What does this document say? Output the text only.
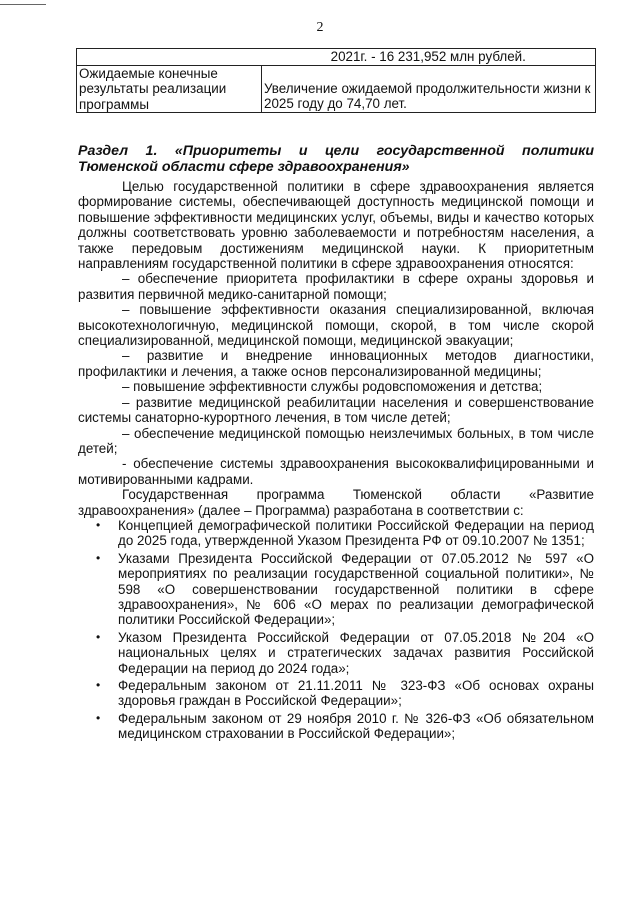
2
	2021г. - 16 231,952 млн рублей.
Ожидаемые конечные результаты реализации программы	Увеличение ожидаемой продолжительности жизни к 2025 году до 74,70 лет.
Раздел 1. «Приоритеты и цели государственной политики Тюменской области сфере здравоохранения»

Целью государственной политики в сфере здравоохранения является формирование системы, обеспечивающей доступность медицинской помощи и повышение эффективности медицинских услуг, объемы, виды и качество которых должны соответствовать уровню заболеваемости и потребностям населения, а также передовым достижениям медицинской науки. К приоритетным направлениям государственной политики в сфере здравоохранения относятся:

– обеспечение приоритета профилактики в сфере охраны здоровья и развития первичной медико-санитарной помощи;

– повышение эффективности оказания специализированной, включая высокотехнологичную, медицинской помощи, скорой, в том числе скорой специализированной, медицинской помощи, медицинской эвакуации;

– развитие и внедрение инновационных методов диагностики, профилактики и лечения, а также основ персонализированной медицины;

– повышение эффективности службы родовспоможения и детства;

– развитие медицинской реабилитации населения и совершенствование системы санаторно-курортного лечения, в том числе детей;

– обеспечение медицинской помощью неизлечимых больных, в том числе детей;

- обеспечение системы здравоохранения высококвалифицированными и мотивированными кадрами.

Государственная программа Тюменской области «Развитие здравоохранения» (далее – Программа) разработана в соответствии с:

• Концепцией демографической политики Российской Федерации на период до 2025 года, утвержденной Указом Президента РФ от 09.10.2007 № 1351;
• Указами Президента Российской Федерации от 07.05.2012 № 597 «О мероприятиях по реализации государственной социальной политики», № 598 «О совершенствовании государственной политики в сфере здравоохранения», № 606 «О мерах по реализации демографической политики Российской Федерации»;
• Указом Президента Российской Федерации от 07.05.2018 №204 «О национальных целях и стратегических задачах развития Российской Федерации на период до 2024 года»;
• Федеральным законом от 21.11.2011 № 323-ФЗ «Об основах охраны здоровья граждан в Российской Федерации»;
• Федеральным законом от 29 ноября 2010 г. № 326-ФЗ «Об обязательном медицинском страховании в Российской Федерации»;
